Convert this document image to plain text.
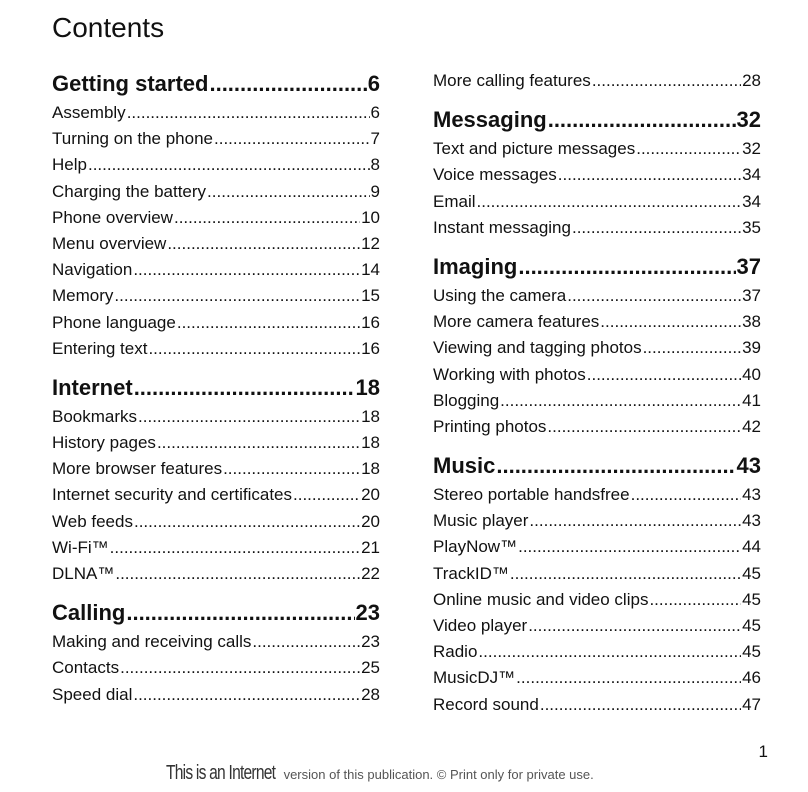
Contents
Getting started .....	6
Assembly .....	6
Turning on the phone .....	7
Help .....	8
Charging the battery .....	9
Phone overview .....	10
Menu overview .....	12
Navigation .....	14
Memory .....	15
Phone language .....	16
Entering text .....	16
Internet .....	18
Bookmarks .....	18
History pages .....	18
More browser features .....	18
Internet security and certificates .....	20
Web feeds .....	20
Wi-Fi™ .....	21
DLNA™ .....	22
Calling .....	23
Making and receiving calls .....	23
Contacts .....	25
Speed dial .....	28
More calling features .....	28
Messaging .....	32
Text and picture messages .....	32
Voice messages .....	34
Email .....	34
Instant messaging .....	35
Imaging .....	37
Using the camera .....	37
More camera features .....	38
Viewing and tagging photos .....	39
Working with photos .....	40
Blogging .....	41
Printing photos .....	42
Music .....	43
Stereo portable handsfree .....	43
Music player .....	43
PlayNow™ .....	44
TrackID™ .....	45
Online music and video clips .....	45
Video player .....	45
Radio .....	45
MusicDJ™ .....	46
Record sound .....	47
1
This is an Internet version of this publication. © Print only for private use.
